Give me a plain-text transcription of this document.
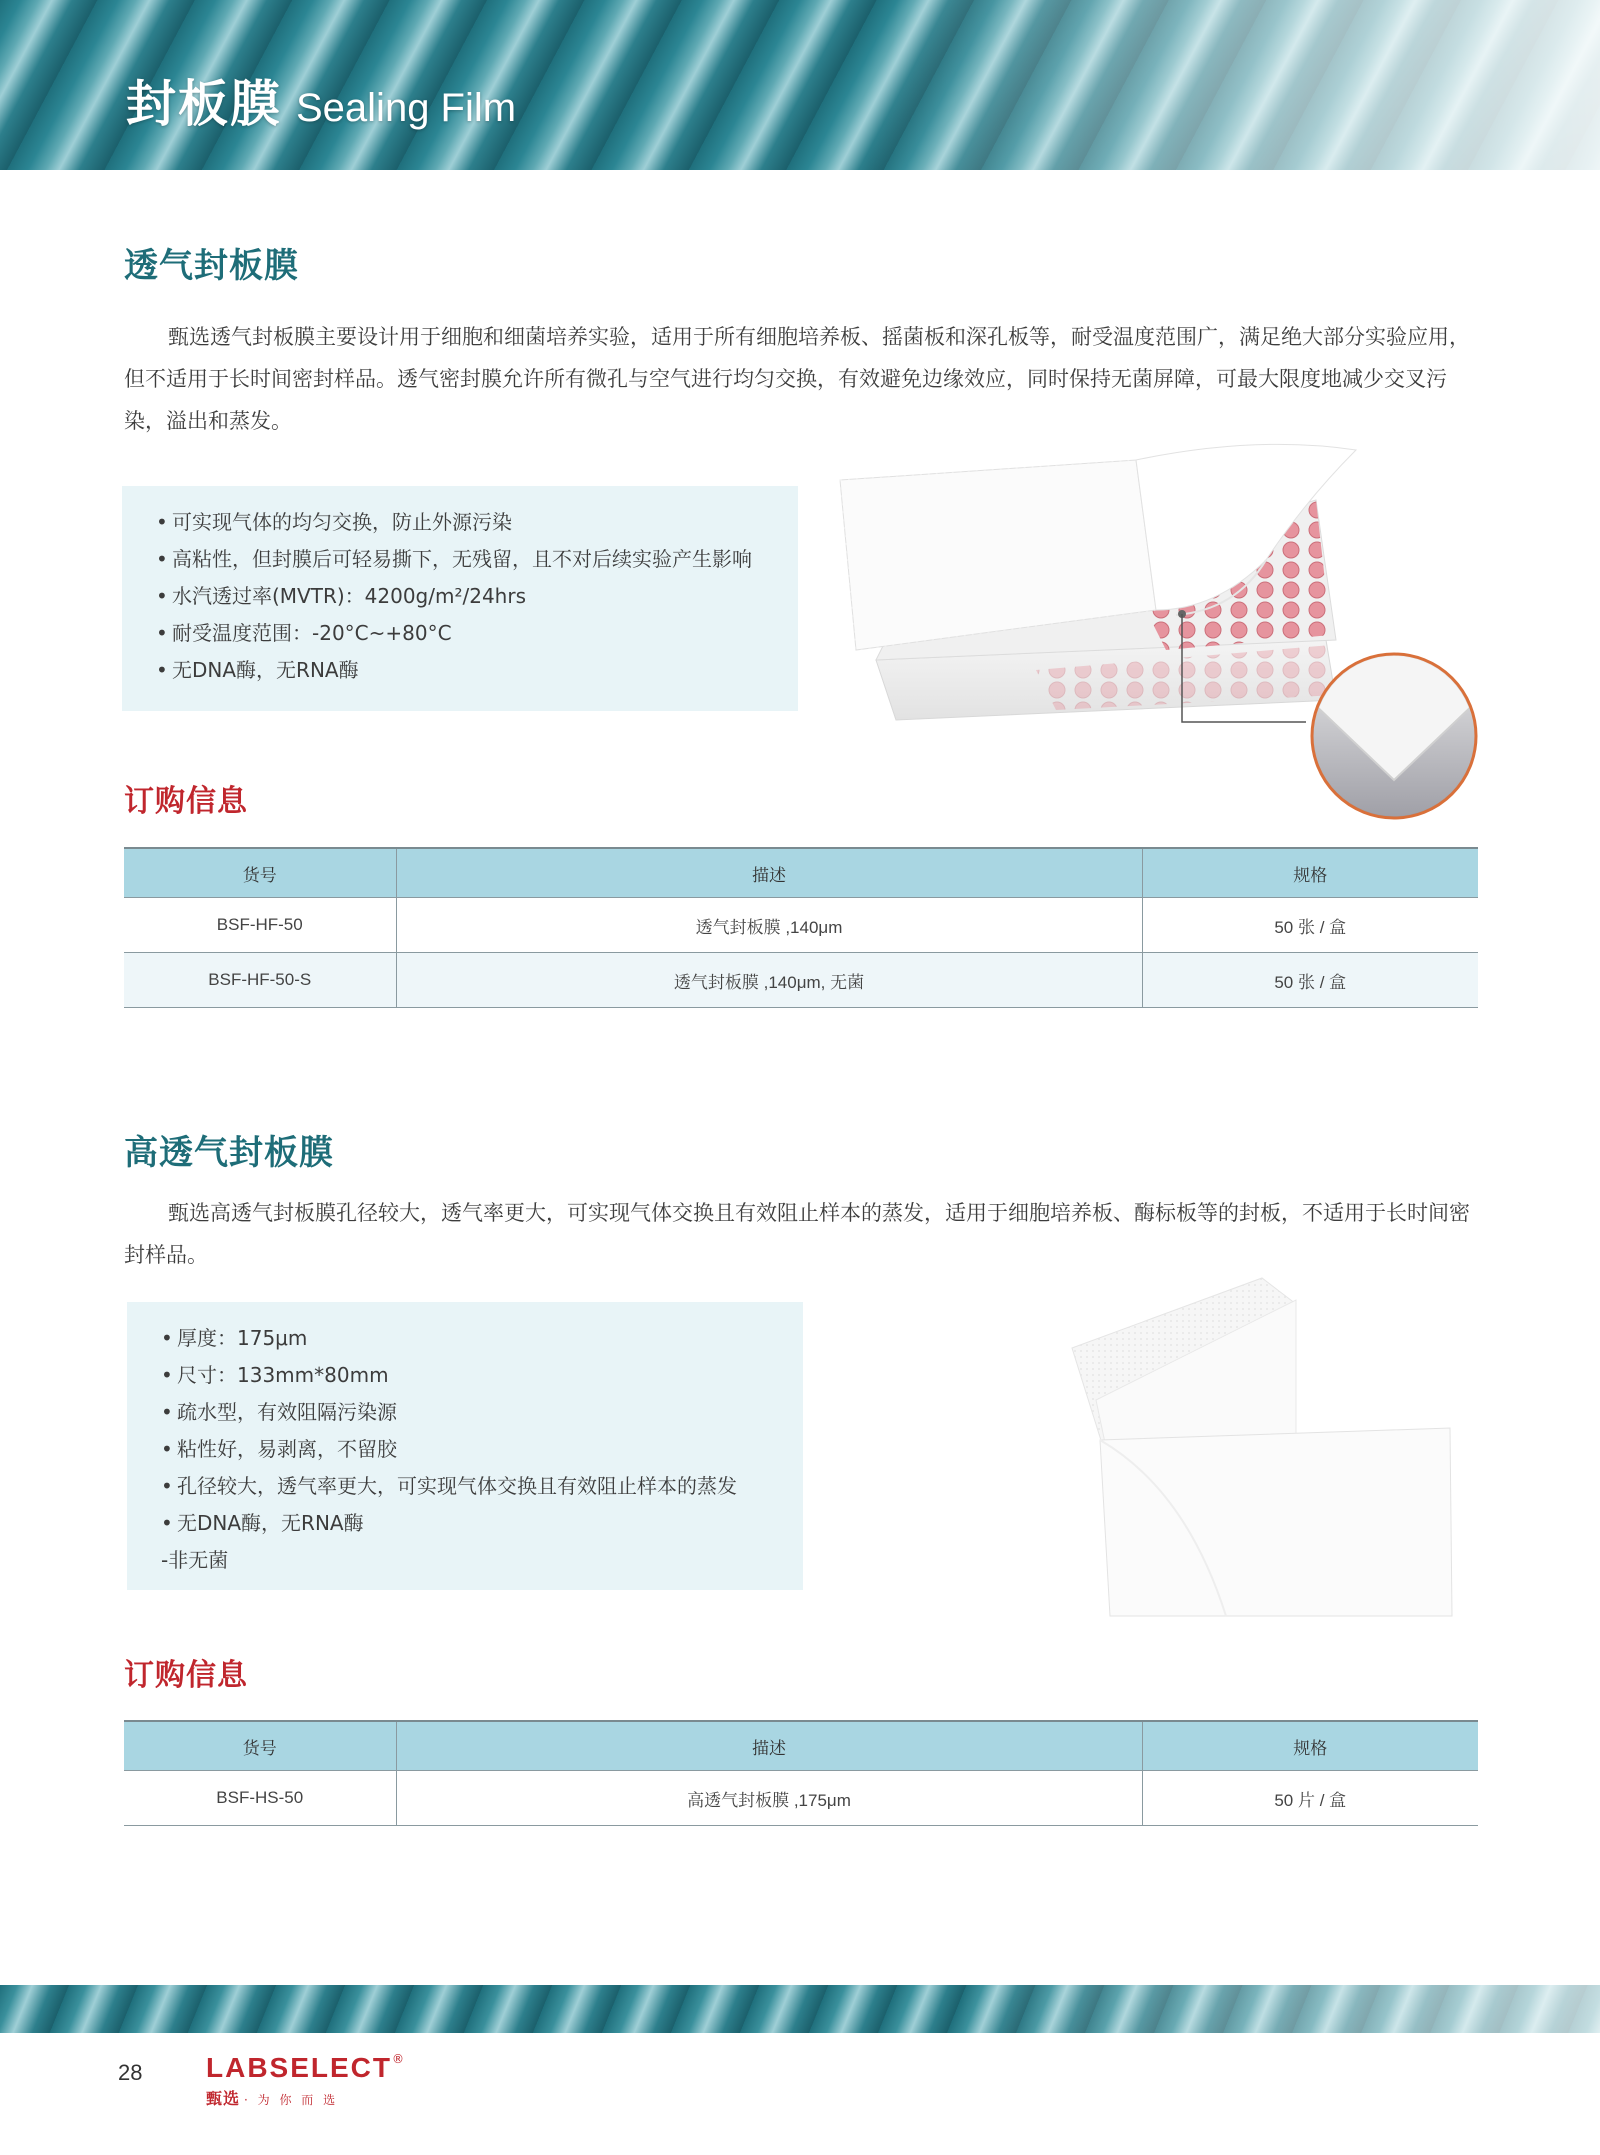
封板膜 Sealing Film
透气封板膜

甄选透气封板膜主要设计用于细胞和细菌培养实验，适用于所有细胞培养板、摇菌板和深孔板等，耐受温度范围广，满足绝大部分实验应用，但不适用于长时间密封样品。透气密封膜允许所有微孔与空气进行均匀交换，有效避免边缘效应，同时保持无菌屏障，可最大限度地减少交叉污染，溢出和蒸发。

• 可实现气体的均匀交换，防止外源污染
• 高粘性，但封膜后可轻易撕下，无残留，且不对后续实验产生影响
• 水汽透过率(MVTR)：4200g/m²/24hrs
• 耐受温度范围：-20°C~+80°C
• 无DNA酶，无RNA酶
订购信息
货号	描述	规格
BSF-HF-50	透气封板膜 ,140μm	50 张 / 盒
BSF-HF-50-S	透气封板膜 ,140μm, 无菌	50 张 / 盒
高透气封板膜

甄选高透气封板膜孔径较大，透气率更大，可实现气体交换且有效阻止样本的蒸发，适用于细胞培养板、酶标板等的封板，不适用于长时间密封样品。

• 厚度：175μm
• 尺寸：133mm*80mm
• 疏水型，有效阻隔污染源
• 粘性好，易剥离，不留胶
• 孔径较大，透气率更大，可实现气体交换且有效阻止样本的蒸发
• 无DNA酶，无RNA酶
-非无菌
订购信息
货号	描述	规格
BSF-HS-50	高透气封板膜 ,175μm	50 片 / 盒
28 LABSELECT®
甄选 · 为 你 而 选
